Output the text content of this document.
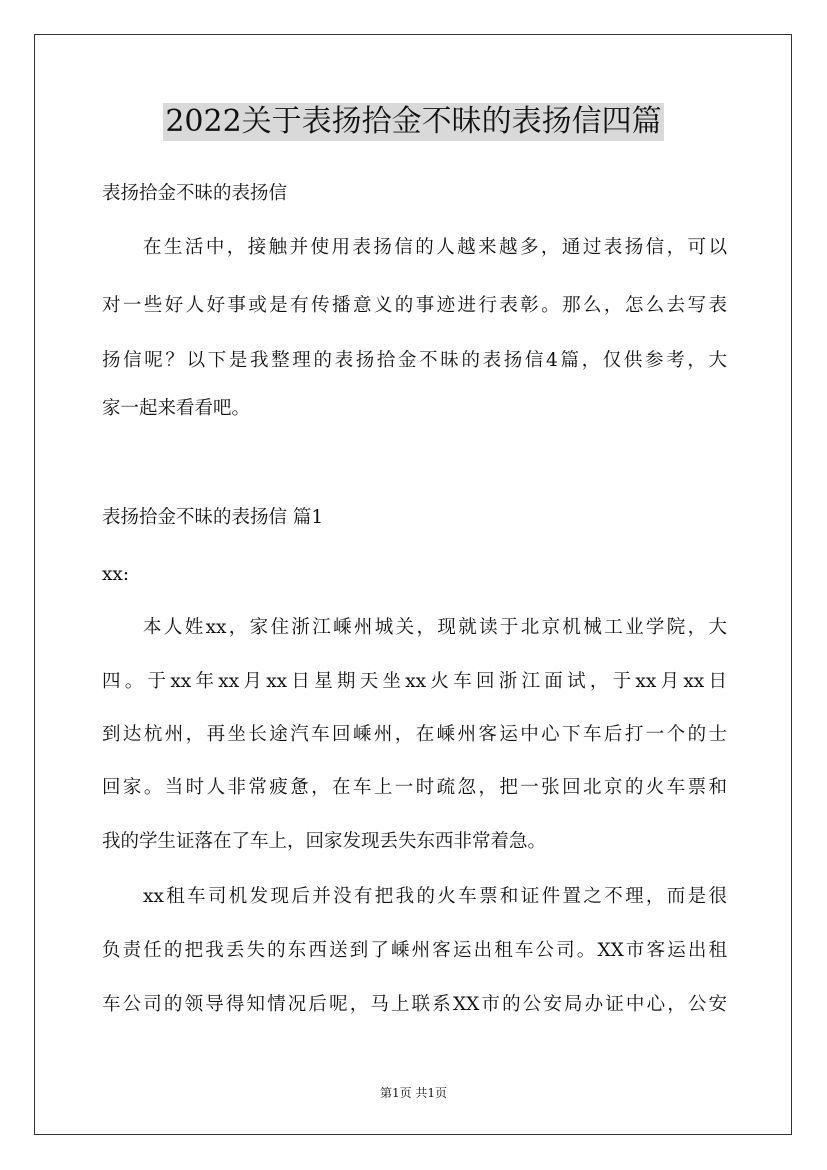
2022关于表扬拾金不昧的表扬信四篇
表扬拾金不昧的表扬信
在生活中，接触并使用表扬信的人越来越多，通过表扬信，可以
对一些好人好事或是有传播意义的事迹进行表彰。那么，怎么去写表
扬信呢？以下是我整理的表扬拾金不昧的表扬信4篇，仅供参考，大
家一起来看看吧。
表扬拾金不昧的表扬信 篇1
xx:
本人姓xx，家住浙江嵊州城关，现就读于北京机械工业学院，大
四。于xx年xx月xx日星期天坐xx火车回浙江面试，于xx月xx日
到达杭州，再坐长途汽车回嵊州，在嵊州客运中心下车后打一个的士
回家。当时人非常疲惫，在车上一时疏忽，把一张回北京的火车票和
我的学生证落在了车上，回家发现丢失东西非常着急。
xx租车司机发现后并没有把我的火车票和证件置之不理，而是很
负责任的把我丢失的东西送到了嵊州客运出租车公司。XX市客运出租
车公司的领导得知情况后呢，马上联系XX市的公安局办证中心，公安
第1页 共1页
